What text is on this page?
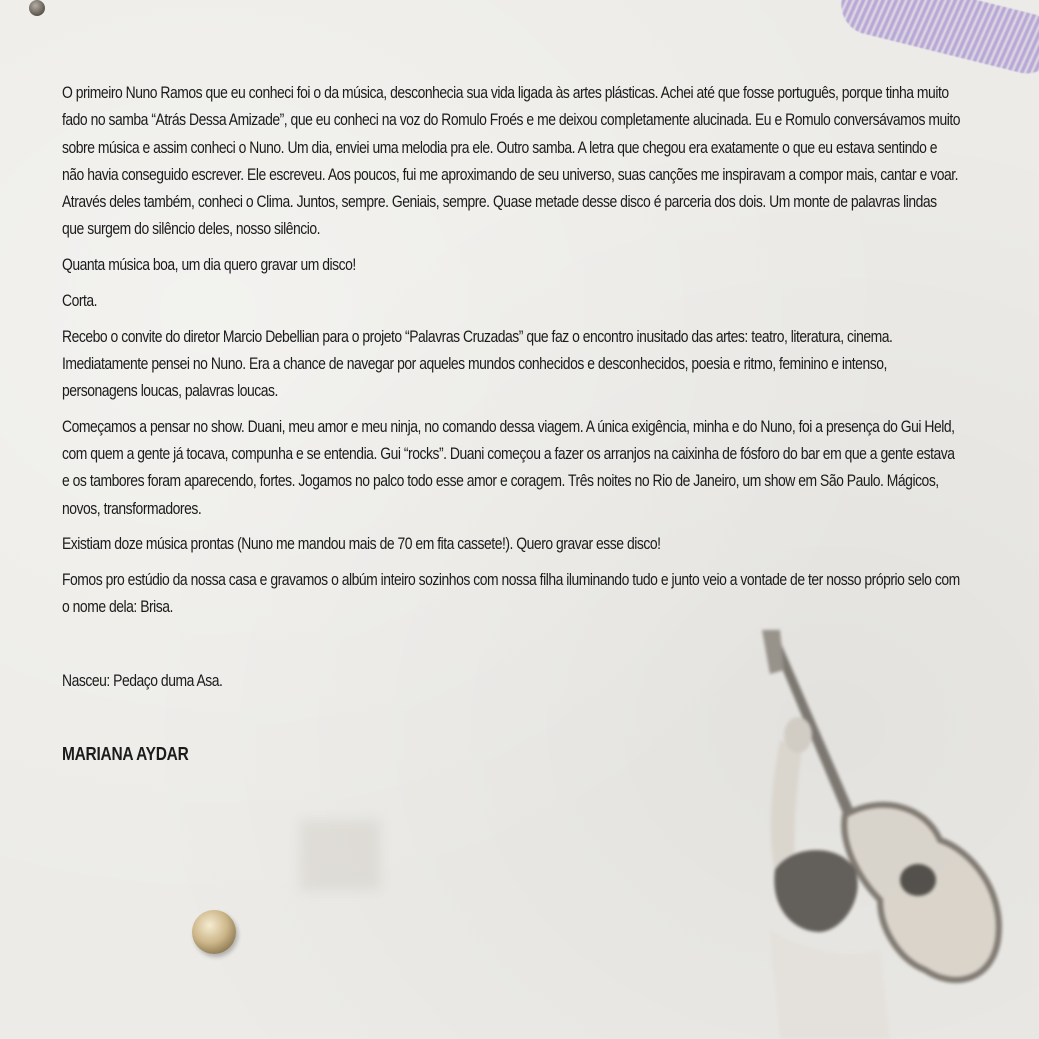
O primeiro Nuno Ramos que eu conheci foi o da música, desconhecia sua vida ligada às artes plásticas. Achei até que fosse português, porque tinha muito fado no samba “Atrás Dessa Amizade”, que eu conheci na voz do Romulo Froés e me deixou completamente alucinada. Eu e Romulo conversávamos muito sobre música e assim conheci o Nuno. Um dia, enviei uma melodia pra ele. Outro samba. A letra que chegou era exatamente o que eu estava sentindo e não havia conseguido escrever. Ele escreveu. Aos poucos, fui me aproximando de seu universo, suas canções me inspiravam a compor mais, cantar e voar. Através deles também, conheci o Clima. Juntos, sempre. Geniais, sempre. Quase metade desse disco é parceria dos dois. Um monte de palavras lindas que surgem do silêncio deles, nosso silêncio.

Quanta música boa, um dia quero gravar um disco!

Corta.

Recebo o convite do diretor Marcio Debellian para o projeto “Palavras Cruzadas” que faz o encontro inusitado das artes: teatro, literatura, cinema. Imediatamente pensei no Nuno. Era a chance de navegar por aqueles mundos conhecidos e desconhecidos, poesia e ritmo, feminino e intenso, personagens loucas, palavras loucas.

Começamos a pensar no show. Duani, meu amor e meu ninja, no comando dessa viagem. A única exigência, minha e do Nuno, foi a presença do Gui Held, com quem a gente já tocava, compunha e se entendia. Gui “rocks”. Duani começou a fazer os arranjos na caixinha de fósforo do bar em que a gente estava e os tambores foram aparecendo, fortes. Jogamos no palco todo esse amor e coragem. Três noites no Rio de Janeiro, um show em São Paulo. Mágicos, novos, transformadores.

Existiam doze música prontas (Nuno me mandou mais de 70 em fita cassete!). Quero gravar esse disco!

Fomos pro estúdio da nossa casa e gravamos o albúm inteiro sozinhos com nossa filha iluminando tudo e junto veio a vontade de ter nosso próprio selo com o nome dela: Brisa.

Nasceu: Pedaço duma Asa.

MARIANA AYDAR
